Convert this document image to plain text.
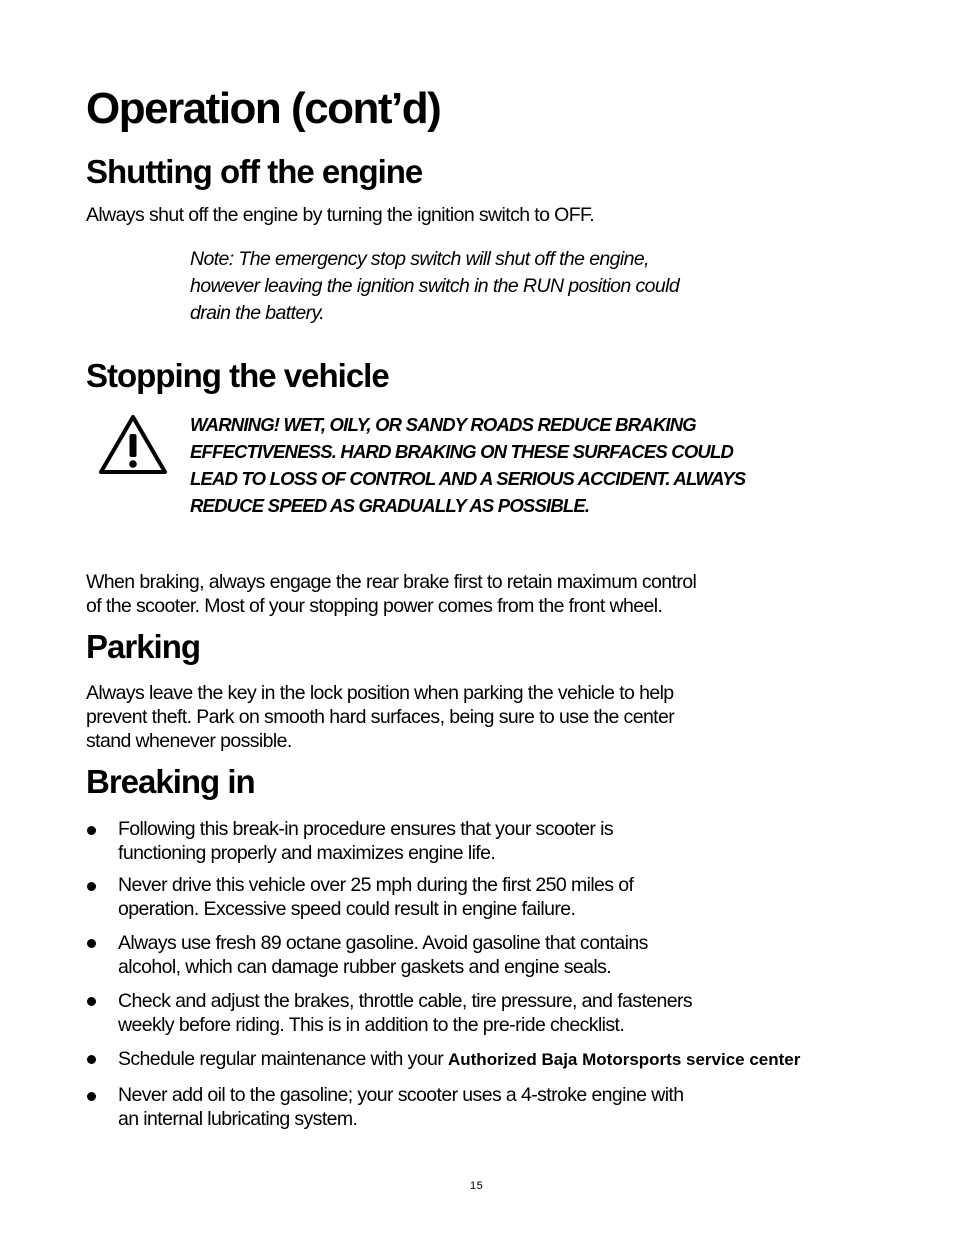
Operation (cont’d)
Shutting off the engine
Always shut off the engine by turning the ignition switch to OFF.
Note: The emergency stop switch will shut off the engine,
however leaving the ignition switch in the RUN position could
drain the battery.
Stopping the vehicle
WARNING! WET, OILY, OR SANDY ROADS REDUCE BRAKING
EFFECTIVENESS. HARD BRAKING ON THESE SURFACES COULD
LEAD TO LOSS OF CONTROL AND A SERIOUS ACCIDENT. ALWAYS
REDUCE SPEED AS GRADUALLY AS POSSIBLE.
When braking, always engage the rear brake first to retain maximum control
of the scooter. Most of your stopping power comes from the front wheel.
Parking
Always leave the key in the lock position when parking the vehicle to help
prevent theft. Park on smooth hard surfaces, being sure to use the center
stand whenever possible.
Breaking in
Following this break-in procedure ensures that your scooter is
functioning properly and maximizes engine life.
Never drive this vehicle over 25 mph during the first 250 miles of
operation. Excessive speed could result in engine failure.
Always use fresh 89 octane gasoline. Avoid gasoline that contains
alcohol, which can damage rubber gaskets and engine seals.
Check and adjust the brakes, throttle cable, tire pressure, and fasteners
weekly before riding. This is in addition to the pre-ride checklist.
Schedule regular maintenance with your Authorized Baja Motorsports service center
Never add oil to the gasoline; your scooter uses a 4-stroke engine with
an internal lubricating system.
15
